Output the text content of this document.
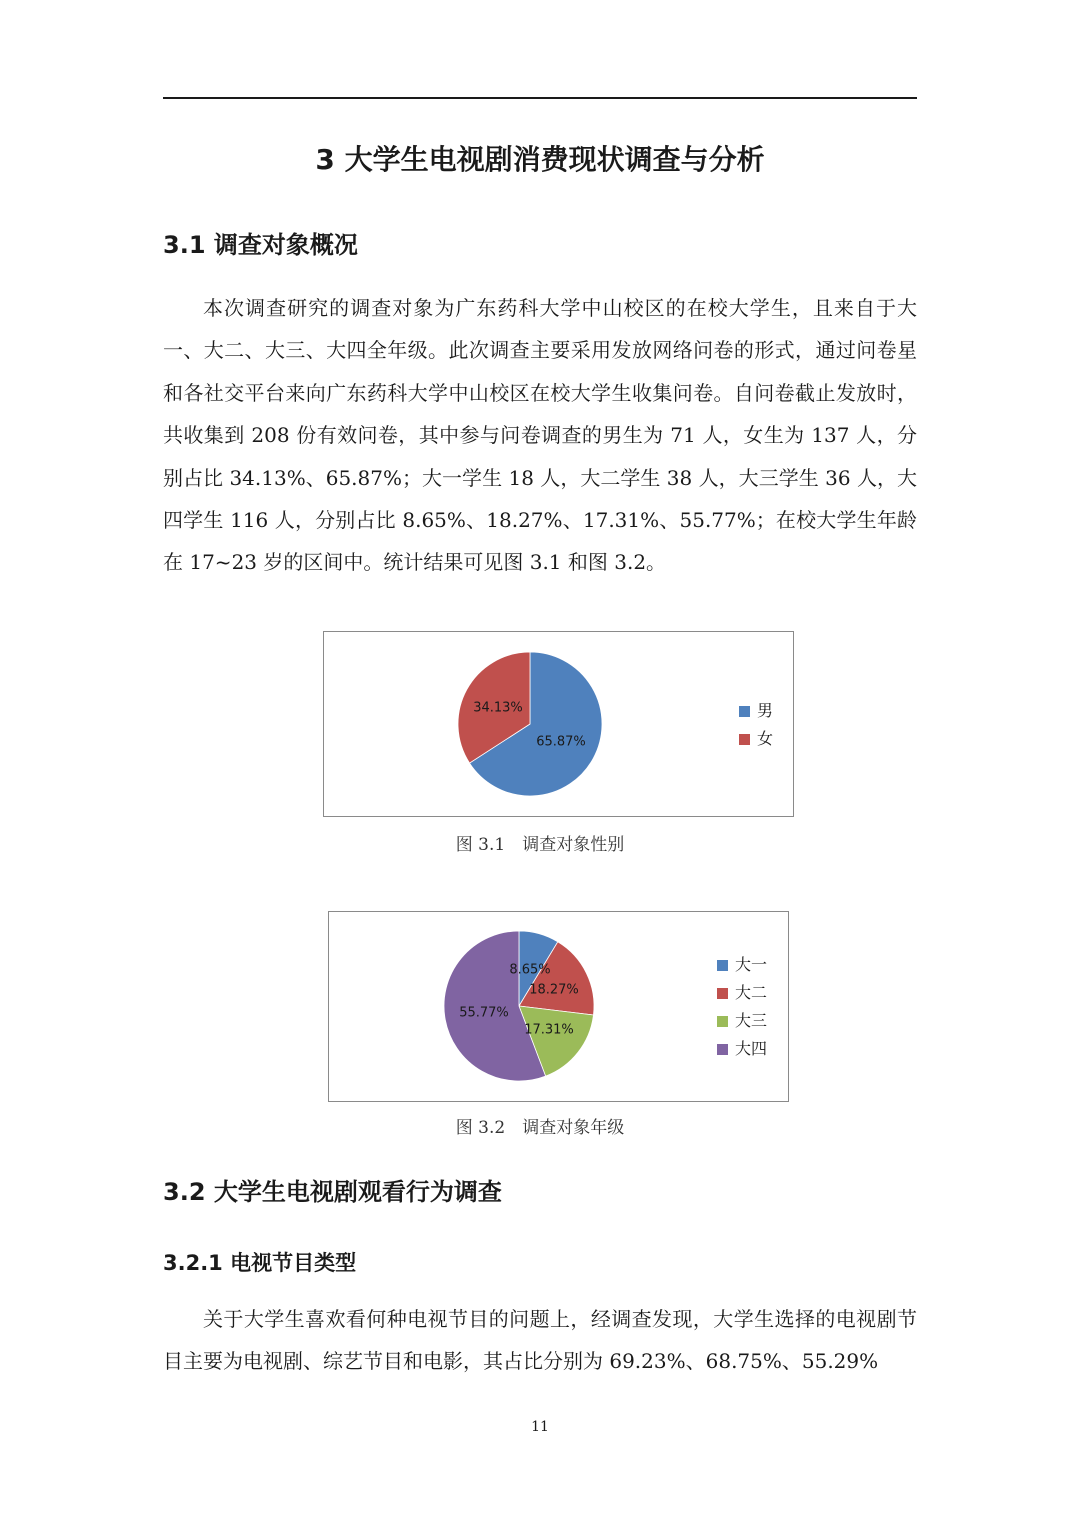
3 大学生电视剧消费现状调查与分析
3.1 调查对象概况

本次调查研究的调查对象为广东药科大学中山校区的在校大学生，且来自于大一、大二、大三、大四全年级。此次调查主要采用发放网络问卷的形式，通过问卷星和各社交平台来向广东药科大学中山校区在校大学生收集问卷。自问卷截止发放时，共收集到 208 份有效问卷，其中参与问卷调查的男生为 71 人，女生为 137 人，分别占比 34.13%、65.87%；大一学生 18 人，大二学生 38 人，大三学生 36 人，大四学生 116 人，分别占比 8.65%、18.27%、17.31%、55.77%；在校大学生年龄在 17~23 岁的区间中。统计结果可见图 3.1 和图 3.2。

65.87%
34.13%	男
女
图 3.1　调查对象性别
8.65%
18.27%
17.31%
55.77%
大一
大二
大三
大四
图 3.2　调查对象年级
3.2 大学生电视剧观看行为调查
3.2.1 电视节目类型

关于大学生喜欢看何种电视节目的问题上，经调查发现，大学生选择的电视剧节目主要为电视剧、综艺节目和电影，其占比分别为 69.23%、68.75%、55.29%

11
